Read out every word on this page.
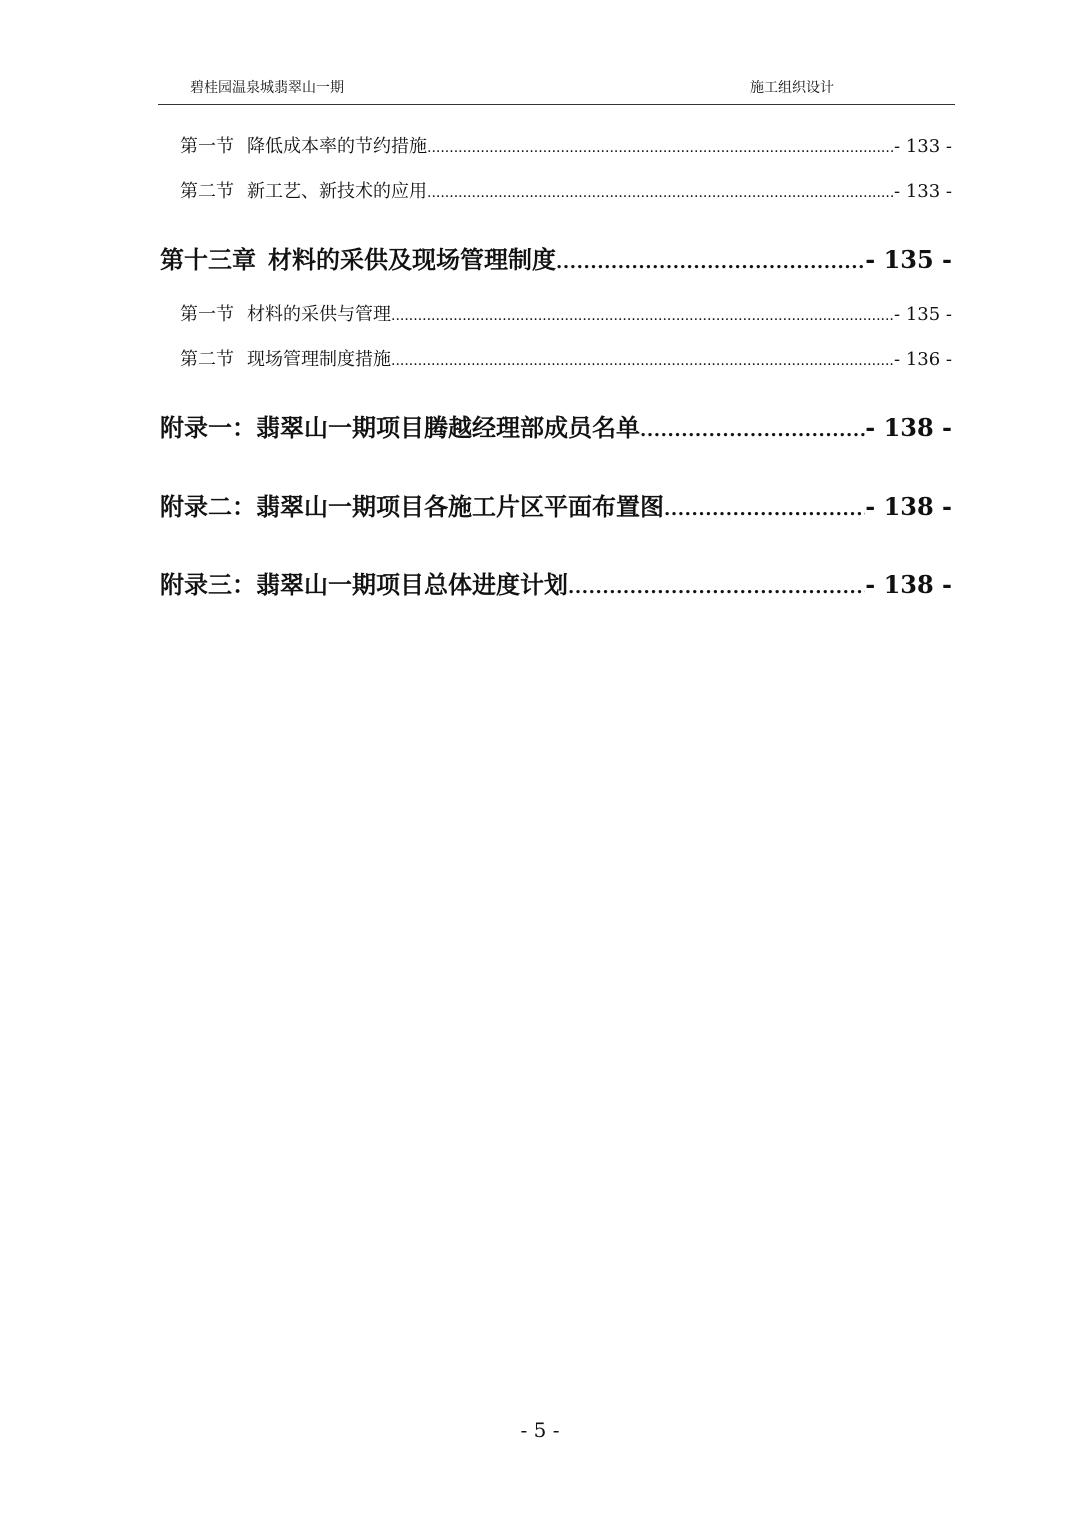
碧桂园温泉城翡翠山一期	施工组织设计
第一节 降低成本率的节约措施 .....	- 133 -
第二节 新工艺、新技术的应用 .....	- 133 -
第十三章 材料的采供及现场管理制度 .....	- 135 -
第一节 材料的采供与管理 .....	- 135 -
第二节 现场管理制度措施 .....	- 136 -
附录一：翡翠山一期项目腾越经理部成员名单 .....	- 138 -
附录二：翡翠山一期项目各施工片区平面布置图 .....	- 138 -
附录三：翡翠山一期项目总体进度计划 .....	- 138 -
- 5 -
